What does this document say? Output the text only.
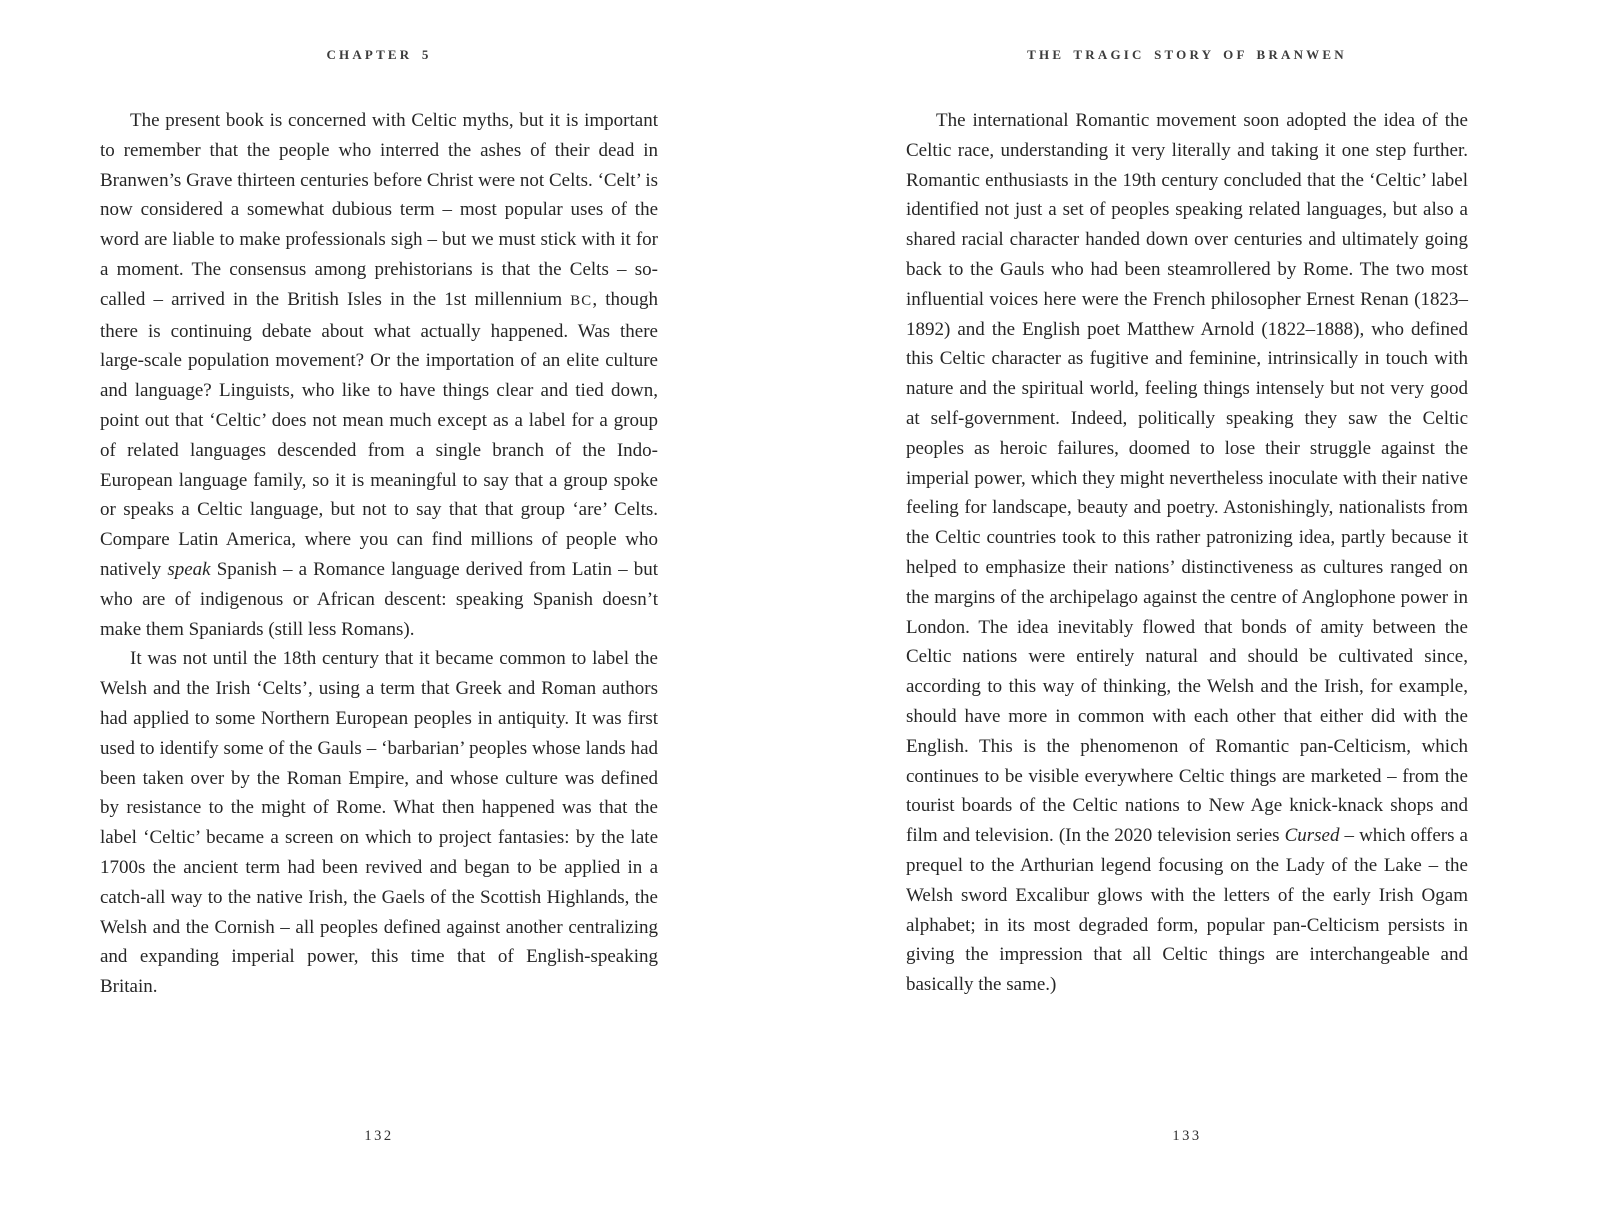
CHAPTER 5

The present book is concerned with Celtic myths, but it is important to remember that the people who interred the ashes of their dead in Branwen’s Grave thirteen centuries before Christ were not Celts. ‘Celt’ is now considered a somewhat dubious term – most popular uses of the word are liable to make professionals sigh – but we must stick with it for a moment. The consensus among prehistorians is that the Celts – so-called – arrived in the British Isles in the 1st millennium BC, though there is continuing debate about what actually happened. Was there large-scale population movement? Or the importation of an elite culture and language? Linguists, who like to have things clear and tied down, point out that ‘Celtic’ does not mean much except as a label for a group of related languages descended from a single branch of the Indo-European language family, so it is meaningful to say that a group spoke or speaks a Celtic language, but not to say that that group ‘are’ Celts. Compare Latin America, where you can find millions of people who natively speak Spanish – a Romance language derived from Latin – but who are of indigenous or African descent: speaking Spanish doesn’t make them Spaniards (still less Romans).

It was not until the 18th century that it became common to label the Welsh and the Irish ‘Celts’, using a term that Greek and Roman authors had applied to some Northern European peoples in antiquity. It was first used to identify some of the Gauls – ‘barbarian’ peoples whose lands had been taken over by the Roman Empire, and whose culture was defined by resistance to the might of Rome. What then happened was that the label ‘Celtic’ became a screen on which to project fantasies: by the late 1700s the ancient term had been revived and began to be applied in a catch-all way to the native Irish, the Gaels of the Scottish Highlands, the Welsh and the Cornish – all peoples defined against another centralizing and expanding imperial power, this time that of English-speaking Britain.

132
THE TRAGIC STORY OF BRANWEN

The international Romantic movement soon adopted the idea of the Celtic race, understanding it very literally and taking it one step further. Romantic enthusiasts in the 19th century concluded that the ‘Celtic’ label identified not just a set of peoples speaking related languages, but also a shared racial character handed down over centuries and ultimately going back to the Gauls who had been steamrollered by Rome. The two most influential voices here were the French philosopher Ernest Renan (1823–1892) and the English poet Matthew Arnold (1822–1888), who defined this Celtic character as fugitive and feminine, intrinsically in touch with nature and the spiritual world, feeling things intensely but not very good at self-government. Indeed, politically speaking they saw the Celtic peoples as heroic failures, doomed to lose their struggle against the imperial power, which they might nevertheless inoculate with their native feeling for landscape, beauty and poetry. Astonishingly, nationalists from the Celtic countries took to this rather patronizing idea, partly because it helped to emphasize their nations’ distinctiveness as cultures ranged on the margins of the archipelago against the centre of Anglophone power in London. The idea inevitably flowed that bonds of amity between the Celtic nations were entirely natural and should be cultivated since, according to this way of thinking, the Welsh and the Irish, for example, should have more in common with each other that either did with the English. This is the phenomenon of Romantic pan-Celticism, which continues to be visible everywhere Celtic things are marketed – from the tourist boards of the Celtic nations to New Age knick-knack shops and film and television. (In the 2020 television series Cursed – which offers a prequel to the Arthurian legend focusing on the Lady of the Lake – the Welsh sword Excalibur glows with the letters of the early Irish Ogam alphabet; in its most degraded form, popular pan-Celticism persists in giving the impression that all Celtic things are interchangeable and basically the same.)

133
